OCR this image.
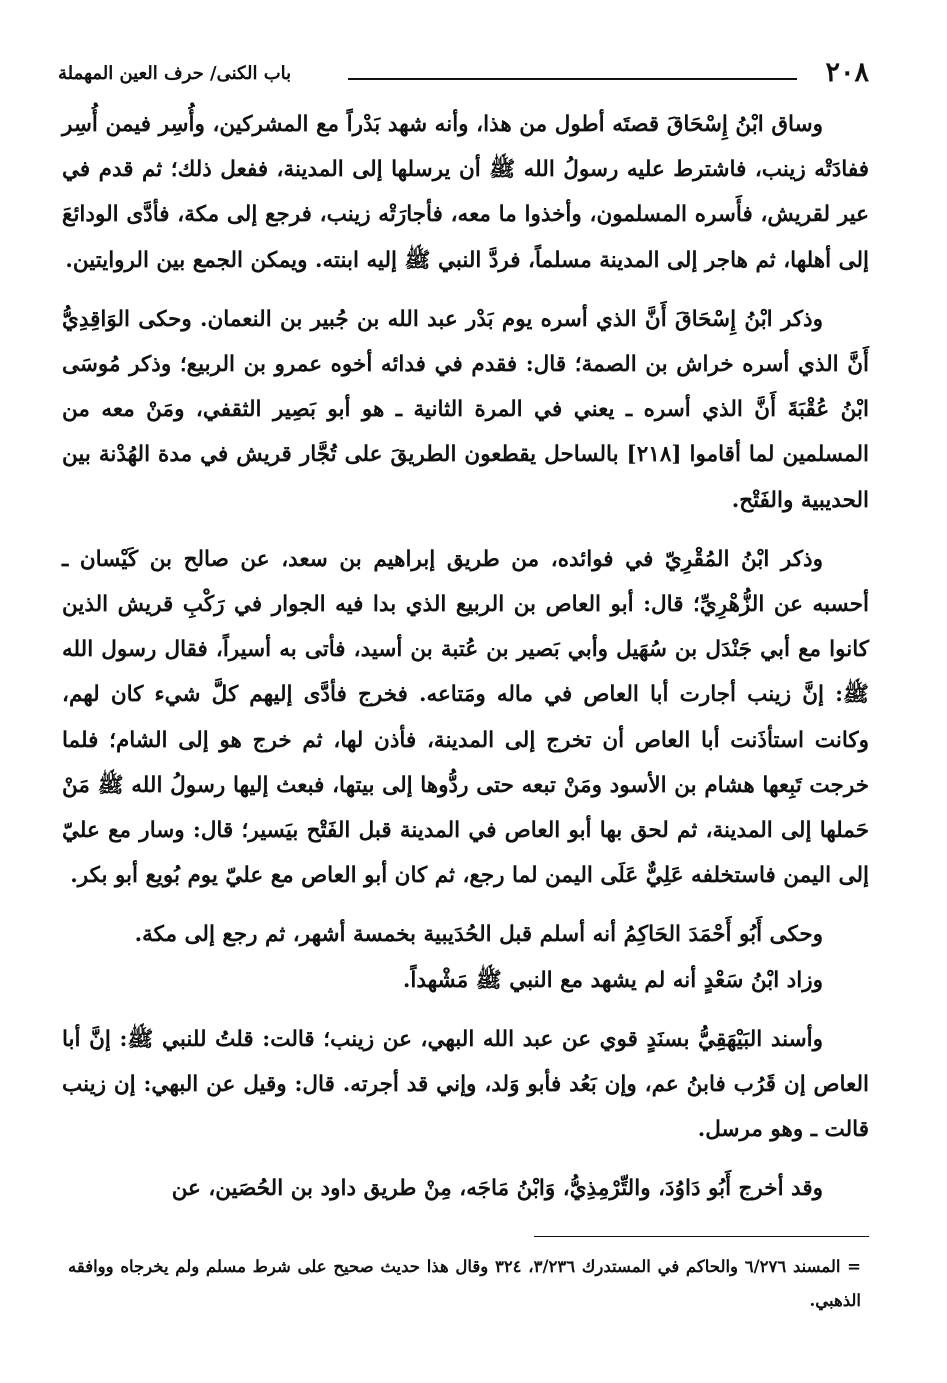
٢٠٨
باب الكنى/ حرف العين المهملة

وساق ابْنُ إِسْحَاقَ قصتَه أطول من هذا، وأنه شهد بَدْراً مع المشركين، وأُسِر فيمن أُسِر ففادَتْه زينب، فاشترط عليه رسولُ الله ﷺ أن يرسلها إلى المدينة، ففعل ذلك؛ ثم قدم في عير لقريش، فأَسره المسلمون، وأخذوا ما معه، فأجارَتْه زينب، فرجع إلى مكة، فأدَّى الودائعَ إلى أهلها، ثم هاجر إلى المدينة مسلماً، فردَّ النبي ﷺ إليه ابنته. ويمكن الجمع بين الروايتين.

وذكر ابْنُ إِسْحَاقَ أَنَّ الذي أسره يوم بَدْر عبد الله بن جُبير بن النعمان. وحكى الوَاقِدِيُّ أَنَّ الذي أسره خراش بن الصمة؛ قال: فقدم في فدائه أخوه عمرو بن الربيع؛ وذكر مُوسَى ابْنُ عُقْبَةَ أَنَّ الذي أسره ـ يعني في المرة الثانية ـ هو أبو بَصِير الثقفي، ومَنْ معه من المسلمين لما أقاموا [٢١٨] بالساحل يقطعون الطريقَ على تُجَّار قريش في مدة الهُدْنة بين الحديبية والفَتْح.

وذكر ابْنُ المُقْرِيّ في فوائده، من طريق إبراهيم بن سعد، عن صالح بن كَيْسان ـ أحسبه عن الزُّهْرِيِّ؛ قال: أبو العاص بن الربيع الذي بدا فيه الجوار في رَكْبِ قريش الذين كانوا مع أبي جَنْدَل بن سُهَيل وأبي بَصير بن عُتبة بن أسيد، فأتى به أسيراً، فقال رسول الله ﷺ: إنَّ زينب أجارت أبا العاص في ماله ومَتاعه. فخرج فأدَّى إليهم كلَّ شيء كان لهم، وكانت استأذَنت أبا العاص أن تخرج إلى المدينة، فأذن لها، ثم خرج هو إلى الشام؛ فلما خرجت تَبِعها هشام بن الأسود ومَنْ تبعه حتى ردُّوها إلى بيتها، فبعث إليها رسولُ الله ﷺ مَنْ حَملها إلى المدينة، ثم لحق بها أبو العاص في المدينة قبل الفَتْح بيَسير؛ قال: وسار مع عليّ إلى اليمن فاستخلفه عَلِيٌّ عَلَى اليمن لما رجع، ثم كان أبو العاص مع عليّ يوم بُويع أبو بكر.

وحكى أَبُو أَحْمَدَ الحَاكِمُ أنه أسلم قبل الحُدَيبية بخمسة أشهر، ثم رجع إلى مكة.

وزاد ابْنُ سَعْدٍ أنه لم يشهد مع النبي ﷺ مَشْهداً.

وأسند البَيْهَقِيُّ بسنَدٍ قوي عن عبد الله البهي، عن زينب؛ قالت: قلتُ للنبي ﷺ: إنَّ أبا العاص إن قَرُب فابنُ عم، وإن بَعُد فأبو وَلد، وإني قد أجرته. قال: وقيل عن البهي: إن زينب قالت ـ وهو مرسل.

وقد أخرج أَبُو دَاوُدَ، والتِّرْمِذِيُّ، وَابْنُ مَاجَه، مِنْ طريق داود بن الحُصَين، عن

= المسند ٦/٢٧٦ والحاكم في المستدرك ٣/٢٣٦، ٣٢٤ وقال هذا حديث صحيح على شرط مسلم ولم يخرجاه ووافقه الذهبي.
